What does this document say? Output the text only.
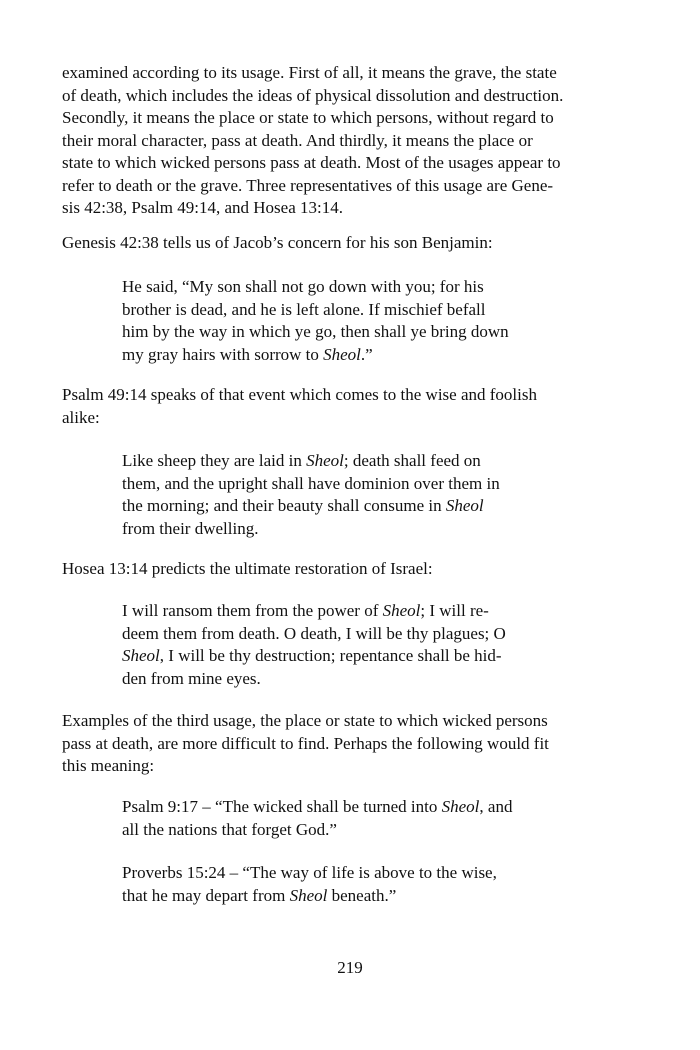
examined according to its usage. First of all, it means the grave, the state
of death, which includes the ideas of physical dissolution and destruction.
Secondly, it means the place or state to which persons, without regard to
their moral character, pass at death. And thirdly, it means the place or
state to which wicked persons pass at death. Most of the usages appear to
refer to death or the grave. Three representatives of this usage are Gene-
sis 42:38, Psalm 49:14, and Hosea 13:14.

Genesis 42:38 tells us of Jacob’s concern for his son Benjamin:

He said, “My son shall not go down with you; for his
brother is dead, and he is left alone. If mischief befall
him by the way in which ye go, then shall ye bring down
my gray hairs with sorrow to Sheol.”

Psalm 49:14 speaks of that event which comes to the wise and foolish
alike:

Like sheep they are laid in Sheol; death shall feed on
them, and the upright shall have dominion over them in
the morning; and their beauty shall consume in Sheol
from their dwelling.

Hosea 13:14 predicts the ultimate restoration of Israel:

I will ransom them from the power of Sheol; I will re-
deem them from death. O death, I will be thy plagues; O
Sheol, I will be thy destruction; repentance shall be hid-
den from mine eyes.

Examples of the third usage, the place or state to which wicked persons
pass at death, are more difficult to find. Perhaps the following would fit
this meaning:

Psalm 9:17 – “The wicked shall be turned into Sheol, and
all the nations that forget God.”

Proverbs 15:24 – “The way of life is above to the wise,
that he may depart from Sheol beneath.”

219
